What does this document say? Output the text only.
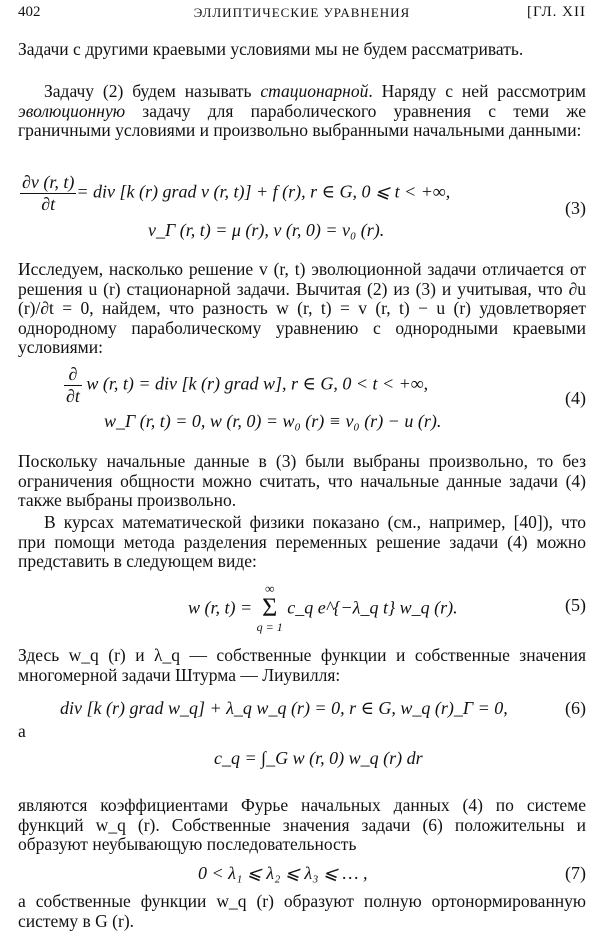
402	ЭЛЛИПТИЧЕСКИЕ УРАВНЕНИЯ	[ГЛ. XII
Задачи с другими краевыми условиями мы не будем рассматривать.
Задачу (2) будем называть стационарной. Наряду с ней рассмотрим эволюционную задачу для параболического уравнения с теми же граничными условиями и произвольно выбранными начальными данными:
$\frac{\partial v (r, t)}{\partial t}$ = div [k (r) grad v (r, t)] + f (r), r ∈ G, 0 ⩽ t < +∞,
v_Γ (r, t) = μ (r), v (r, 0) = v₀ (r).
(3)
Исследуем, насколько решение v (r, t) эволюционной задачи отличается от решения u (r) стационарной задачи. Вычитая (2) из (3) и учитывая, что ∂u (r)/∂t = 0, найдем, что разность w (r, t) = v (r, t) − u (r) удовлетворяет однородному параболическому уравнению с однородными краевыми условиями:
$\frac{\partial}{\partial t}$ w (r, t) = div [k (r) grad w], r ∈ G, 0 < t < +∞,
w_Γ (r, t) = 0, w (r, 0) = w₀ (r) ≡ v₀ (r) − u (r).
(4)
Поскольку начальные данные в (3) были выбраны произвольно, то без ограничения общности можно считать, что начальные данные задачи (4) также выбраны произвольно.
В курсах математической физики показано (см., например, [40]), что при помощи метода разделения переменных решение задачи (4) можно представить в следующем виде:
w (r, t) =
∞
Σ
q = 1
c_q e^{−λ_q t} w_q (r).	(5)
Здесь w_q (r) и λ_q — собственные функции и собственные значения многомерной задачи Штурма — Лиувилля:
div [k (r) grad w_q] + λ_q w_q (r) = 0, r ∈ G, w_q (r)_Γ = 0,	(6)
а
c_q = ∫_G w (r, 0) w_q (r) dr
являются коэффициентами Фурье начальных данных (4) по системе функций w_q (r). Собственные значения задачи (6) положительны и образуют неубывающую последовательность
0 < λ₁ ⩽ λ₂ ⩽ λ₃ ⩽ … ,	(7)
а собственные функции w_q (r) образуют полную ортонормированную систему в G (r).
